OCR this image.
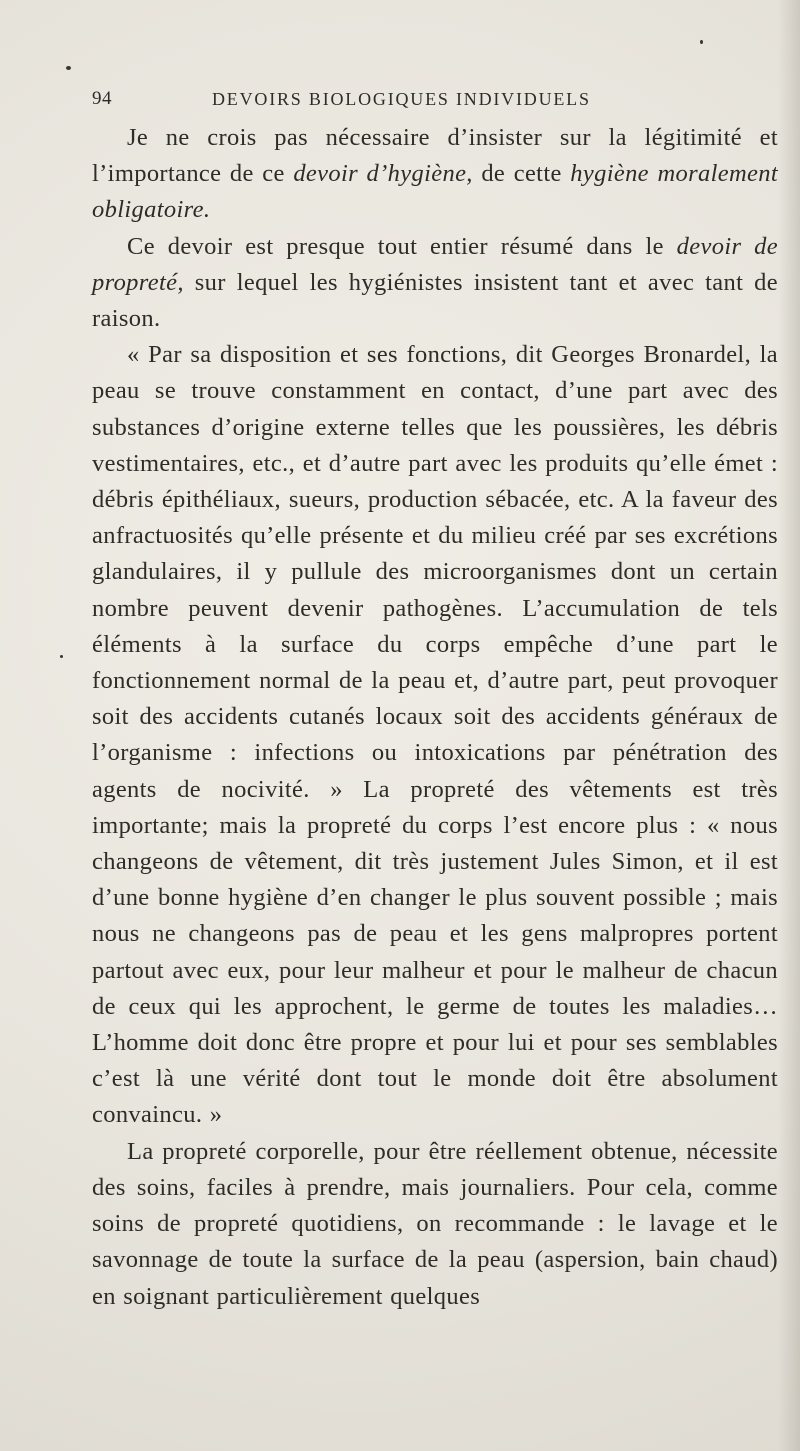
94	DEVOIRS BIOLOGIQUES INDIVIDUELS

Je ne crois pas nécessaire d’insister sur la légitimité et l’importance de ce devoir d’hygiène, de cette hygiène moralement obligatoire.

Ce devoir est presque tout entier résumé dans le devoir de propreté, sur lequel les hygiénistes insistent tant et avec tant de raison.

« Par sa disposition et ses fonctions, dit Georges Bronardel, la peau se trouve constamment en contact, d’une part avec des substances d’origine externe telles que les poussières, les débris vestimentaires, etc., et d’autre part avec les produits qu’elle émet : débris épithéliaux, sueurs, production sébacée, etc. A la faveur des anfractuosités qu’elle présente et du milieu créé par ses excrétions glandulaires, il y pullule des microorganismes dont un certain nombre peuvent devenir pathogènes. L’accumulation de tels éléments à la surface du corps empêche d’une part le fonctionnement normal de la peau et, d’autre part, peut provoquer soit des accidents cutanés locaux soit des accidents généraux de l’organisme : infections ou intoxications par pénétration des agents de nocivité. » La propreté des vêtements est très importante; mais la propreté du corps l’est encore plus : « nous changeons de vêtement, dit très justement Jules Simon, et il est d’une bonne hygiène d’en changer le plus souvent possible ; mais nous ne changeons pas de peau et les gens malpropres portent partout avec eux, pour leur malheur et pour le malheur de chacun de ceux qui les approchent, le germe de toutes les maladies… L’homme doit donc être propre et pour lui et pour ses semblables c’est là une vérité dont tout le monde doit être absolument convaincu. »

La propreté corporelle, pour être réellement obtenue, nécessite des soins, faciles à prendre, mais journaliers. Pour cela, comme soins de propreté quotidiens, on recommande : le lavage et le savonnage de toute la surface de la peau (aspersion, bain chaud) en soignant particulièrement quelques
